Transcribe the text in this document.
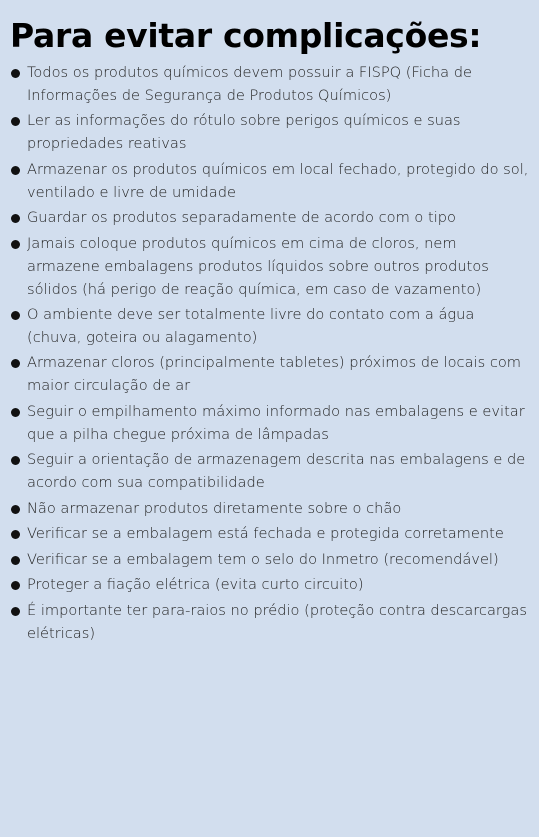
Para evitar complicações:
Todos os produtos químicos devem possuir a FISPQ (Ficha de Informações de Segurança de Produtos Químicos)
Ler as informações do rótulo sobre perigos químicos e suas propriedades reativas
Armazenar os produtos químicos em local fechado, protegido do sol, ventilado e livre de umidade
Guardar os produtos separadamente de acordo com o tipo
Jamais coloque produtos químicos em cima de cloros, nem armazene embalagens produtos líquidos sobre outros produtos sólidos (há perigo de reação química, em caso de vazamento)
O ambiente deve ser totalmente livre do contato com a água (chuva, goteira ou alagamento)
Armazenar cloros (principalmente tabletes) próximos de locais com maior circulação de ar
Seguir o empilhamento máximo informado nas embalagens e evitar que a pilha chegue próxima de lâmpadas
Seguir a orientação de armazenagem descrita nas embalagens e de acordo com sua compatibilidade
Não armazenar produtos diretamente sobre o chão
Verificar se a embalagem está fechada e protegida corretamente
Verificar se a embalagem tem o selo do Inmetro (recomendável)
Proteger a fiação elétrica (evita curto circuito)
É importante ter para-raios no prédio (proteção contra descarcargas elétricas)
